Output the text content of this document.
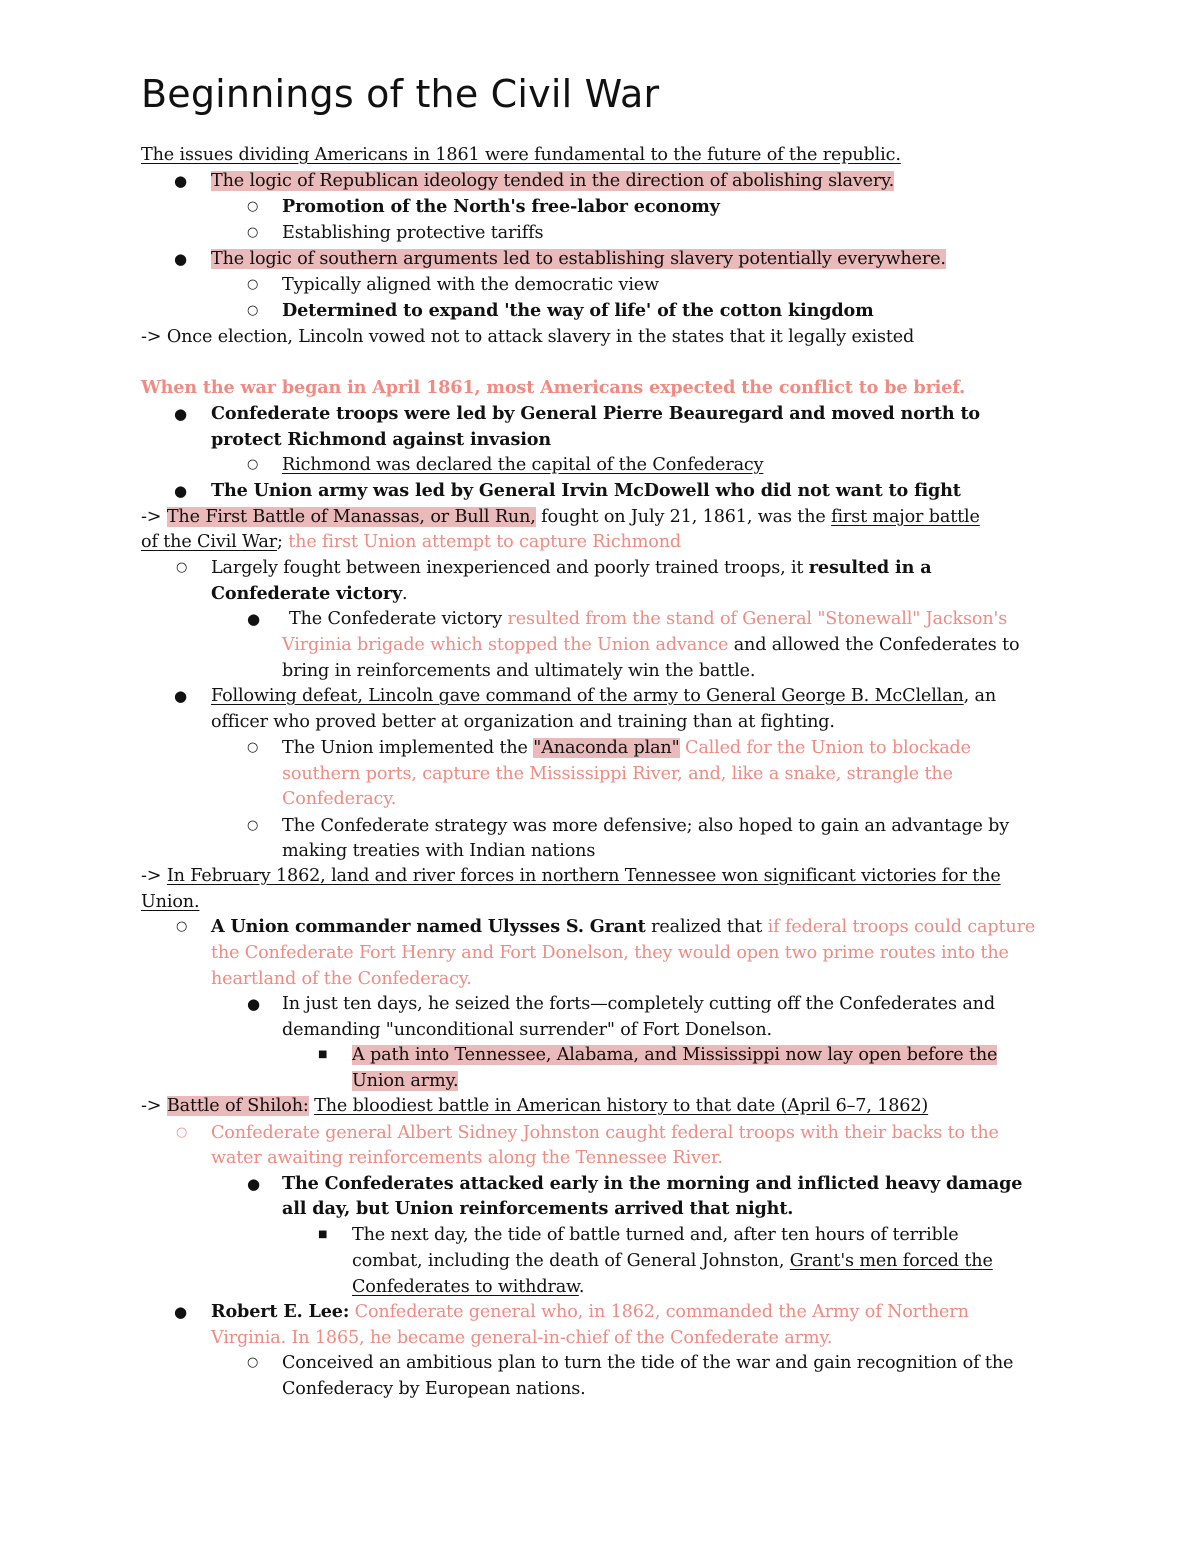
Beginnings of the Civil War
The issues dividing Americans in 1861 were fundamental to the future of the republic.
● The logic of Republican ideology tended in the direction of abolishing slavery.
○ Promotion of the North's free-labor economy
○ Establishing protective tariffs
● The logic of southern arguments led to establishing slavery potentially everywhere.
○ Typically aligned with the democratic view
○ Determined to expand 'the way of life' of the cotton kingdom
-> Once election, Lincoln vowed not to attack slavery in the states that it legally existed
When the war began in April 1861, most Americans expected the conflict to be brief.
● Confederate troops were led by General Pierre Beauregard and moved north to
protect Richmond against invasion
○ Richmond was declared the capital of the Confederacy
● The Union army was led by General Irvin McDowell who did not want to fight
-> The First Battle of Manassas, or Bull Run, fought on July 21, 1861, was the first major battle
of the Civil War; the first Union attempt to capture Richmond
○ Largely fought between inexperienced and poorly trained troops, it resulted in a
Confederate victory.
● The Confederate victory resulted from the stand of General "Stonewall" Jackson's
Virginia brigade which stopped the Union advance and allowed the Confederates to
bring in reinforcements and ultimately win the battle.
● Following defeat, Lincoln gave command of the army to General George B. McClellan, an
officer who proved better at organization and training than at fighting.
○ The Union implemented the "Anaconda plan" Called for the Union to blockade
southern ports, capture the Mississippi River, and, like a snake, strangle the
Confederacy.
○ The Confederate strategy was more defensive; also hoped to gain an advantage by
making treaties with Indian nations
-> In February 1862, land and river forces in northern Tennessee won significant victories for the
Union.
○ A Union commander named Ulysses S. Grant realized that if federal troops could capture
the Confederate Fort Henry and Fort Donelson, they would open two prime routes into the
heartland of the Confederacy.
● In just ten days, he seized the forts—completely cutting off the Confederates and
demanding "unconditional surrender" of Fort Donelson.
■ A path into Tennessee, Alabama, and Mississippi now lay open before the
Union army.
-> Battle of Shiloh: The bloodiest battle in American history to that date (April 6–7, 1862)
○ Confederate general Albert Sidney Johnston caught federal troops with their backs to the
water awaiting reinforcements along the Tennessee River.
● The Confederates attacked early in the morning and inflicted heavy damage
all day, but Union reinforcements arrived that night.
■ The next day, the tide of battle turned and, after ten hours of terrible
combat, including the death of General Johnston, Grant's men forced the
Confederates to withdraw.
● Robert E. Lee: Confederate general who, in 1862, commanded the Army of Northern
Virginia. In 1865, he became general-in-chief of the Confederate army.
○ Conceived an ambitious plan to turn the tide of the war and gain recognition of the
Confederacy by European nations.
